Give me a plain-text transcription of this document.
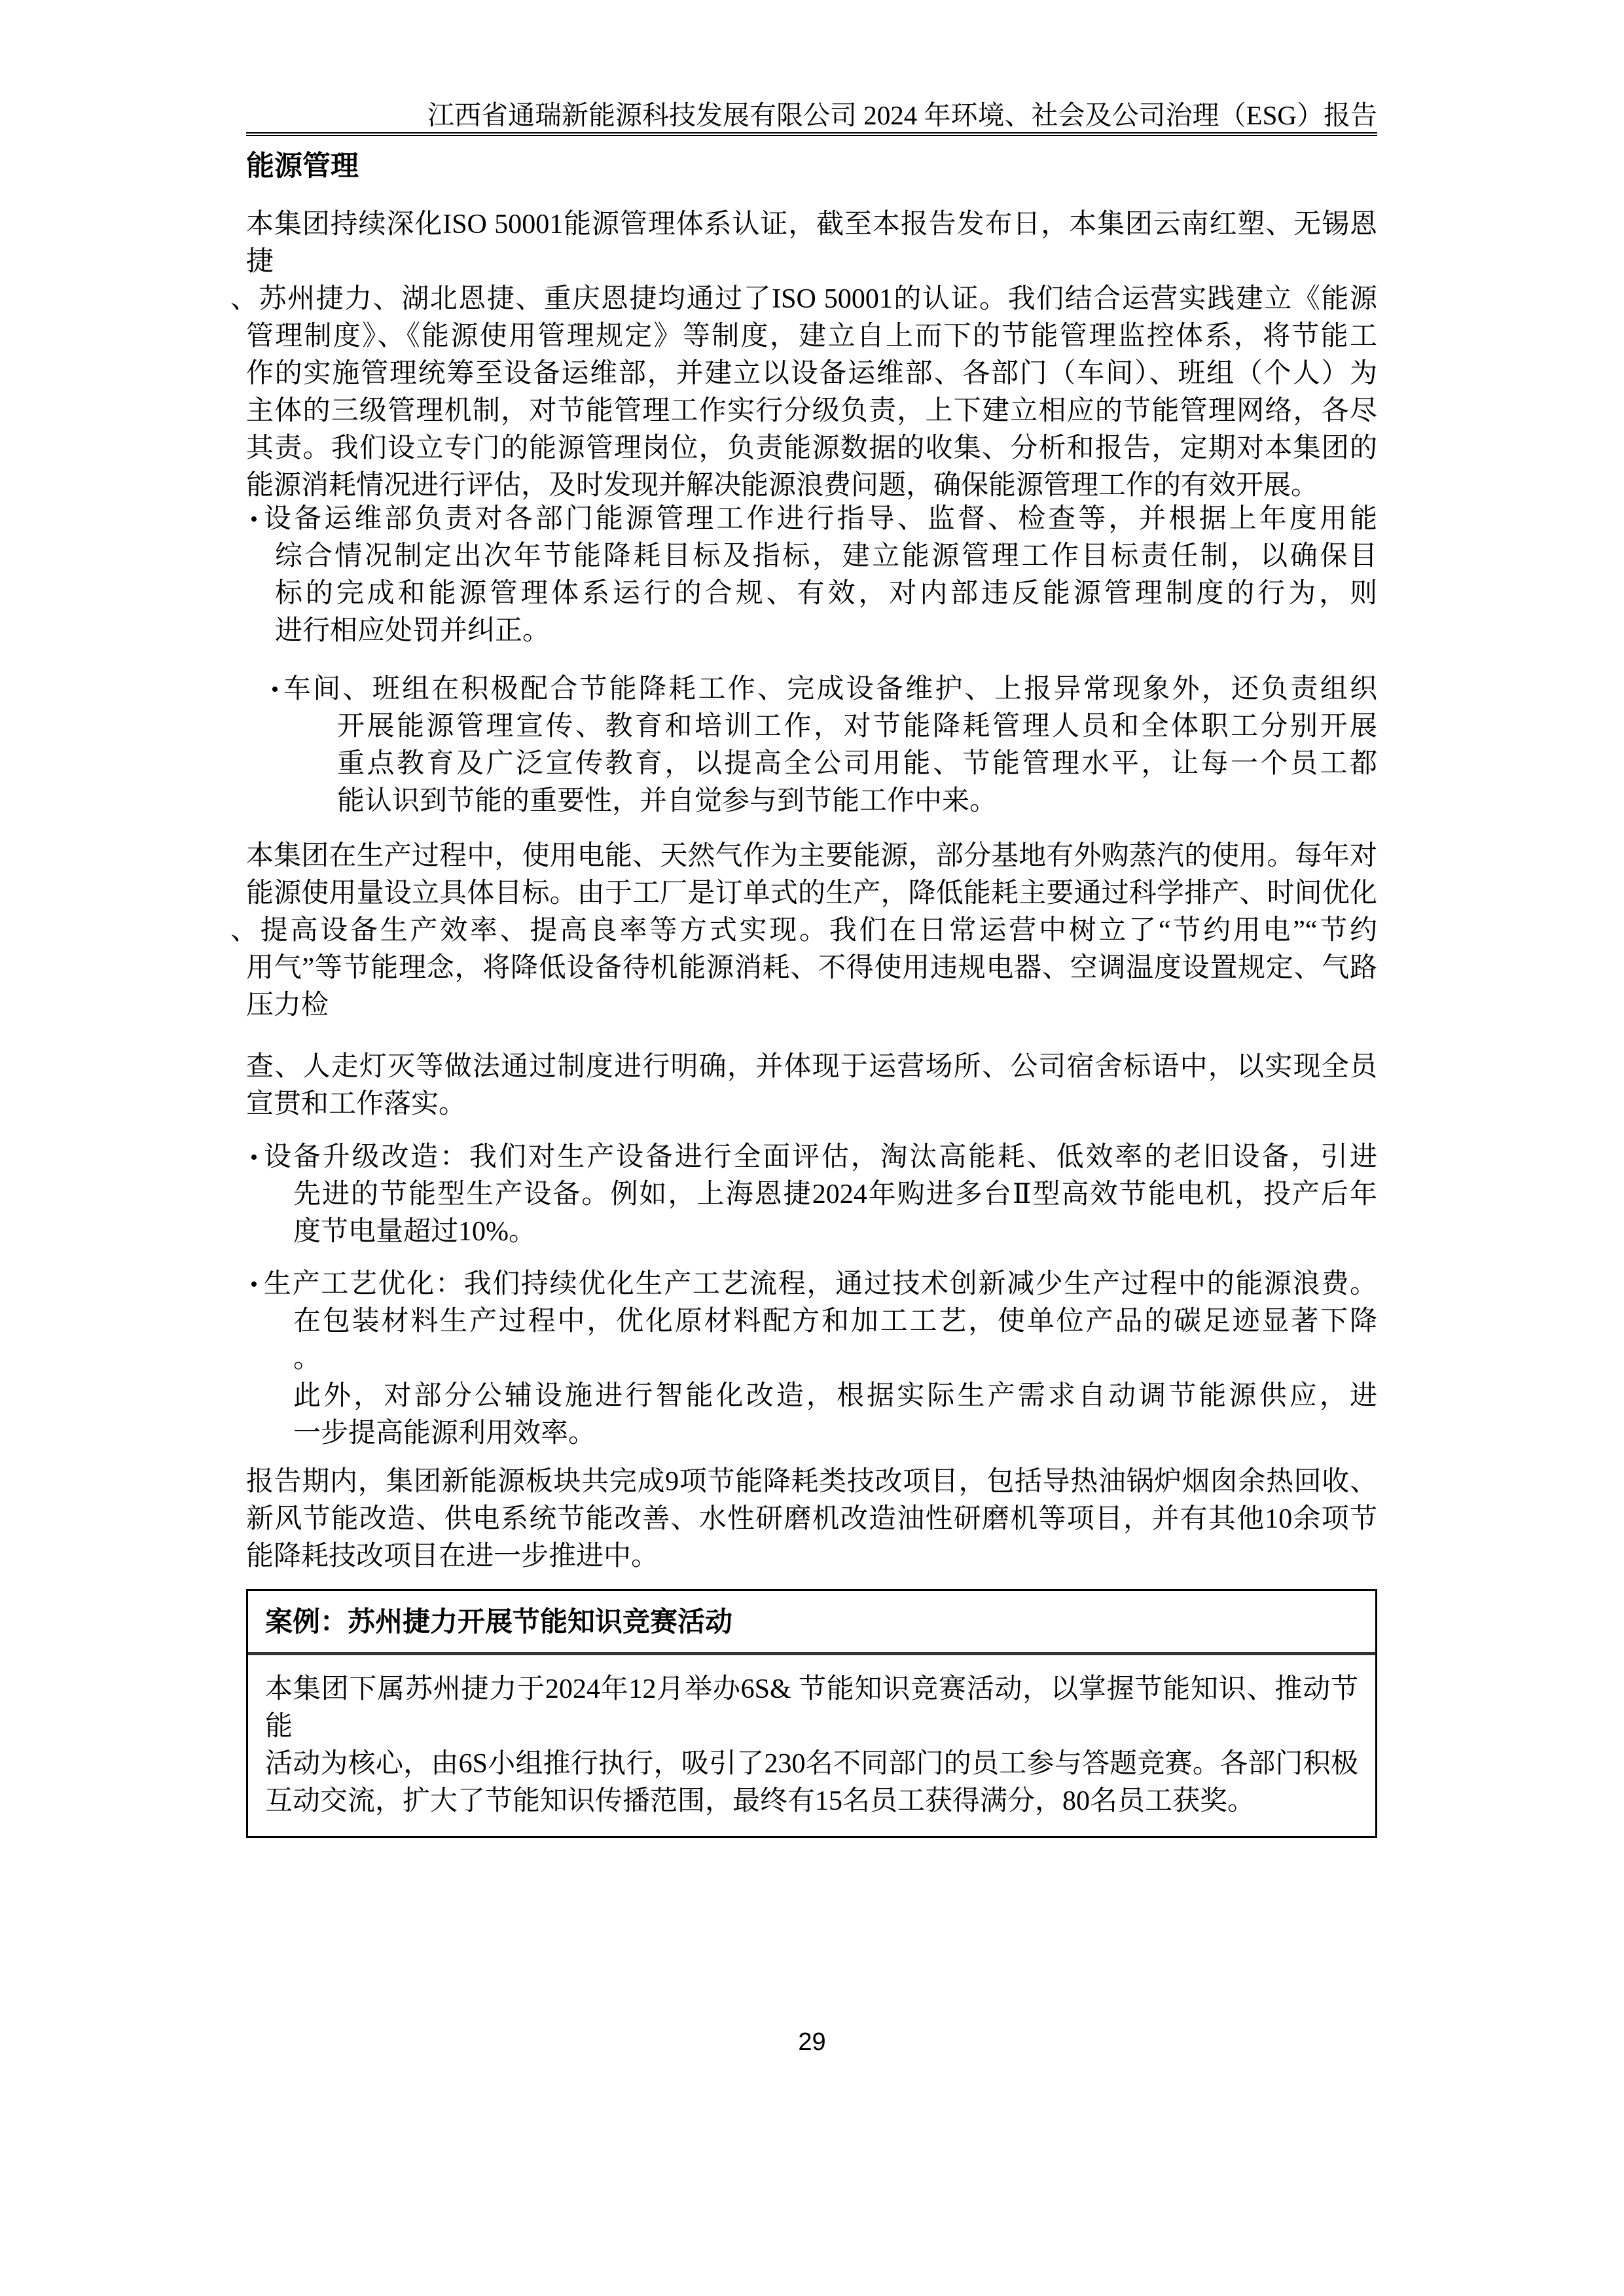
江西省通瑞新能源科技发展有限公司 2024 年环境、社会及公司治理（ESG）报告
能源管理
本集团持续深化ISO 50001能源管理体系认证，截至本报告发布日，本集团云南红塑、无锡恩捷
、苏州捷力、湖北恩捷、重庆恩捷均通过了ISO 50001的认证。我们结合运营实践建立《能源
管理制度》、《能源使用管理规定》等制度，建立自上而下的节能管理监控体系，将节能工
作的实施管理统筹至设备运维部，并建立以设备运维部、各部门（车间）、班组（个人）为
主体的三级管理机制，对节能管理工作实行分级负责，上下建立相应的节能管理网络，各尽
其责。我们设立专门的能源管理岗位，负责能源数据的收集、分析和报告，定期对本集团的
能源消耗情况进行评估，及时发现并解决能源浪费问题，确保能源管理工作的有效开展。
• 设备运维部负责对各部门能源管理工作进行指导、监督、检查等，并根据上年度用能
综合情况制定出次年节能降耗目标及指标，建立能源管理工作目标责任制，以确保目
标的完成和能源管理体系运行的合规、有效，对内部违反能源管理制度的行为，则
进行相应处罚并纠正。
• 车间、班组在积极配合节能降耗工作、完成设备维护、上报异常现象外，还负责组织
开展能源管理宣传、教育和培训工作，对节能降耗管理人员和全体职工分别开展
重点教育及广泛宣传教育，以提高全公司用能、节能管理水平，让每一个员工都
能认识到节能的重要性，并自觉参与到节能工作中来。
本集团在生产过程中，使用电能、天然气作为主要能源，部分基地有外购蒸汽的使用。每年对
能源使用量设立具体目标。由于工厂是订单式的生产，降低能耗主要通过科学排产、时间优化
、提高设备生产效率、提高良率等方式实现。我们在日常运营中树立了“节约用电”“节约
用气”等节能理念，将降低设备待机能源消耗、不得使用违规电器、空调温度设置规定、气路
压力检
查、人走灯灭等做法通过制度进行明确，并体现于运营场所、公司宿舍标语中，以实现全员
宣贯和工作落实。
• 设备升级改造：我们对生产设备进行全面评估，淘汰高能耗、低效率的老旧设备，引进
先进的节能型生产设备。例如，上海恩捷2024年购进多台Ⅱ型高效节能电机，投产后年
度节电量超过10%。
• 生产工艺优化：我们持续优化生产工艺流程，通过技术创新减少生产过程中的能源浪费。
在包装材料生产过程中，优化原材料配方和加工工艺，使单位产品的碳足迹显著下降
。
此外，对部分公辅设施进行智能化改造，根据实际生产需求自动调节能源供应，进
一步提高能源利用效率。
报告期内，集团新能源板块共完成9项节能降耗类技改项目，包括导热油锅炉烟囱余热回收、
新风节能改造、供电系统节能改善、水性研磨机改造油性研磨机等项目，并有其他10余项节
能降耗技改项目在进一步推进中。
案例：苏州捷力开展节能知识竞赛活动
本集团下属苏州捷力于2024年12月举办6S& 节能知识竞赛活动，以掌握节能知识、推动节能
活动为核心，由6S小组推行执行，吸引了230名不同部门的员工参与答题竞赛。各部门积极
互动交流，扩大了节能知识传播范围，最终有15名员工获得满分，80名员工获奖。
29
